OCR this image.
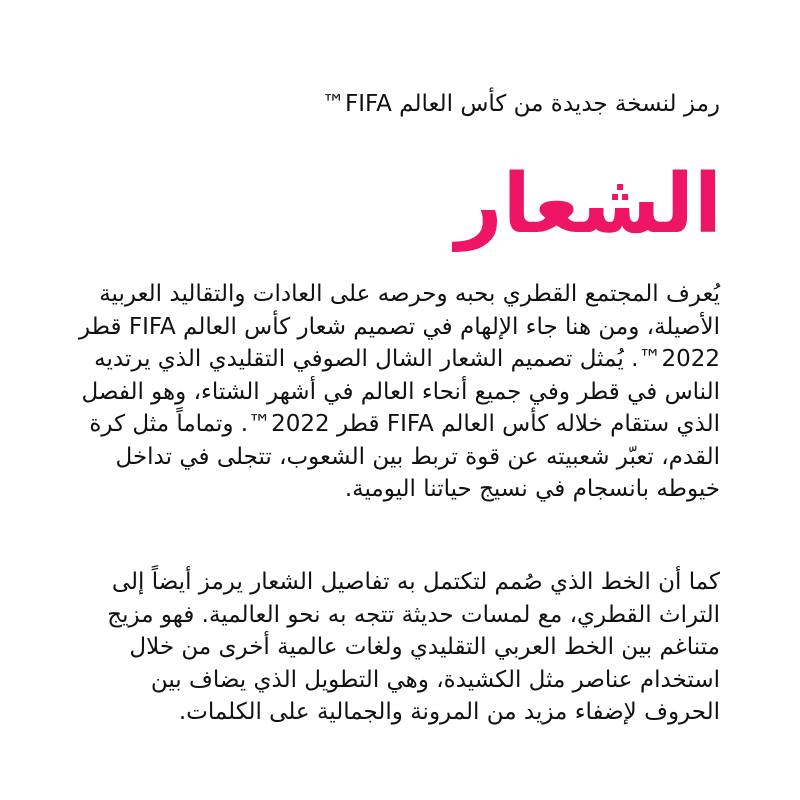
رمز لنسخة جديدة من كأس العالم FIFA™
الشعار

يُعرف المجتمع القطري بحبه وحرصه على العادات والتقاليد العربية الأصيلة، ومن هنا جاء الإلهام في تصميم شعار كأس العالم FIFA قطر 2022™. يُمثل تصميم الشعار الشال الصوفي التقليدي الذي يرتديه الناس في قطر وفي جميع أنحاء العالم في أشهر الشتاء، وهو الفصل الذي ستقام خلاله كأس العالم FIFA قطر 2022™. وتماماً مثل كرة القدم، تعبّر شعبيته عن قوة تربط بين الشعوب، تتجلى في تداخل خيوطه بانسجام في نسيج حياتنا اليومية.

كما أن الخط الذي صُمم لتكتمل به تفاصيل الشعار يرمز أيضاً إلى التراث القطري، مع لمسات حديثة تتجه به نحو العالمية. فهو مزيج متناغم بين الخط العربي التقليدي ولغات عالمية أخرى من خلال استخدام عناصر مثل الكشيدة، وهي التطويل الذي يضاف بين الحروف لإضفاء مزيد من المرونة والجمالية على الكلمات.
